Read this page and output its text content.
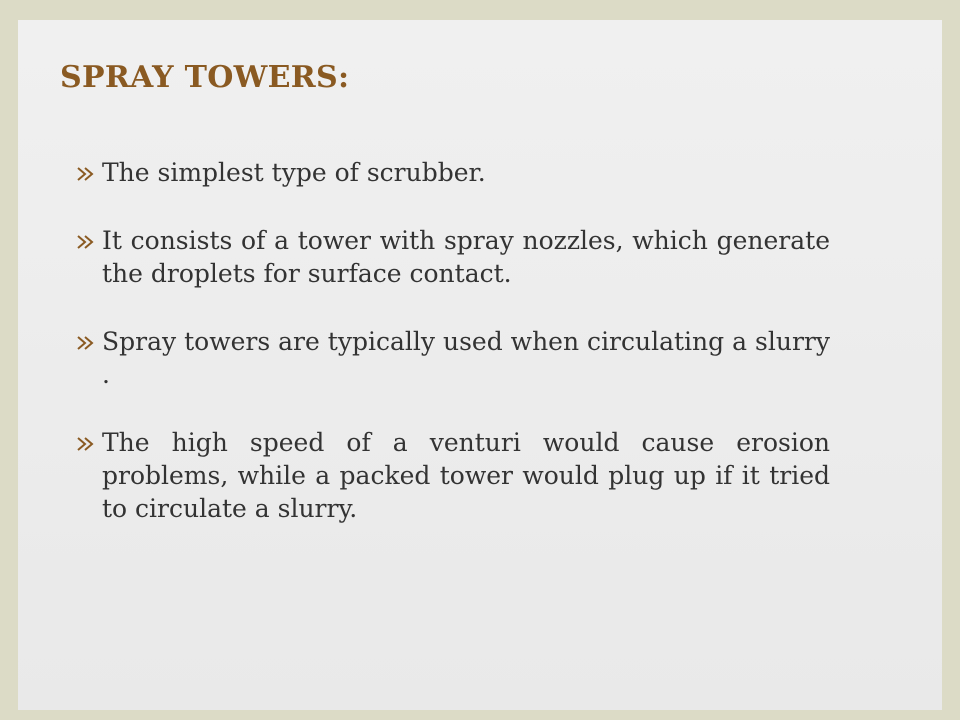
SPRAY TOWERS:
The simplest type of scrubber.
It consists of a tower with spray nozzles, which generate the droplets for surface contact.
Spray towers are typically used when circulating a slurry .
The high speed of a venturi would cause erosion problems, while a packed tower would plug up if it tried to circulate a slurry.
